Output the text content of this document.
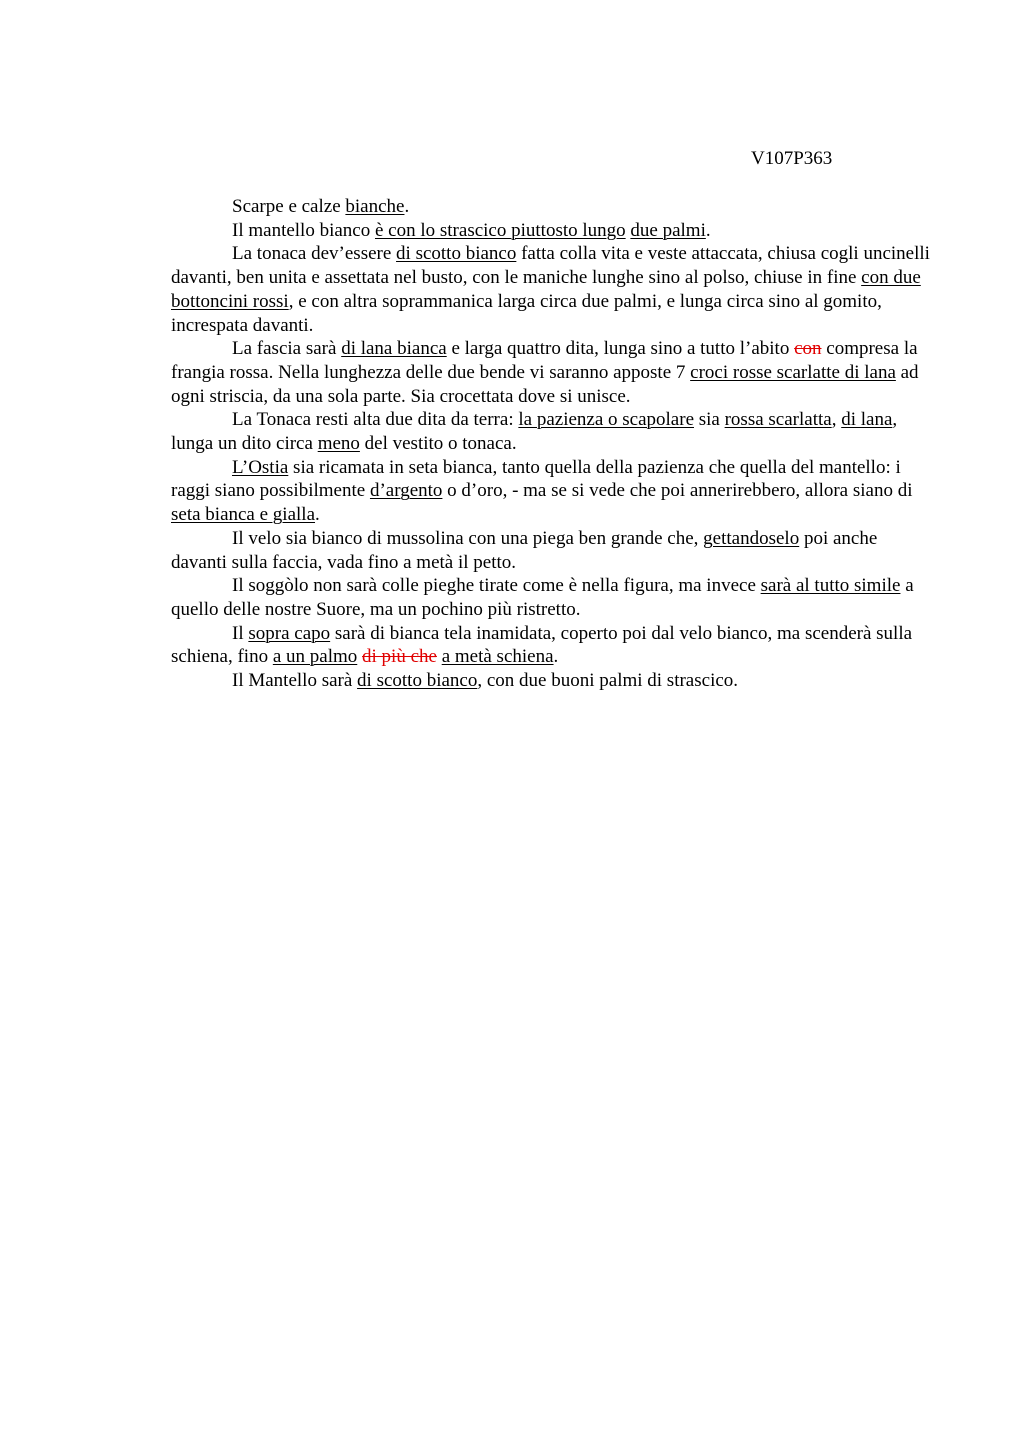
V107P363

Scarpe e calze bianche.

Il mantello bianco è con lo strascico piuttosto lungo due palmi.

La tonaca dev’essere di scotto bianco fatta colla vita e veste attaccata, chiusa cogli uncinelli davanti, ben unita e assettata nel busto, con le maniche lunghe sino al polso, chiuse in fine con due bottoncini rossi, e con altra soprammanica larga circa due palmi, e lunga circa sino al gomito, increspata davanti.

La fascia sarà di lana bianca e larga quattro dita, lunga sino a tutto l’abito con compresa la frangia rossa. Nella lunghezza delle due bende vi saranno apposte 7 croci rosse scarlatte di lana ad ogni striscia, da una sola parte. Sia crocettata dove si unisce.

La Tonaca resti alta due dita da terra: la pazienza o scapolare sia rossa scarlatta, di lana, lunga un dito circa meno del vestito o tonaca.

L’Ostia sia ricamata in seta bianca, tanto quella della pazienza che quella del mantello: i raggi siano possibilmente d’argento o d’oro, - ma se si vede che poi annerirebbero, allora siano di seta bianca e gialla.

Il velo sia bianco di mussolina con una piega ben grande che, gettandoselo poi anche davanti sulla faccia, vada fino a metà il petto.

Il soggòlo non sarà colle pieghe tirate come è nella figura, ma invece sarà al tutto simile a quello delle nostre Suore, ma un pochino più ristretto.

Il sopra capo sarà di bianca tela inamidata, coperto poi dal velo bianco, ma scenderà sulla schiena, fino a un palmo di più che a metà schiena.

Il Mantello sarà di scotto bianco, con due buoni palmi di strascico.
